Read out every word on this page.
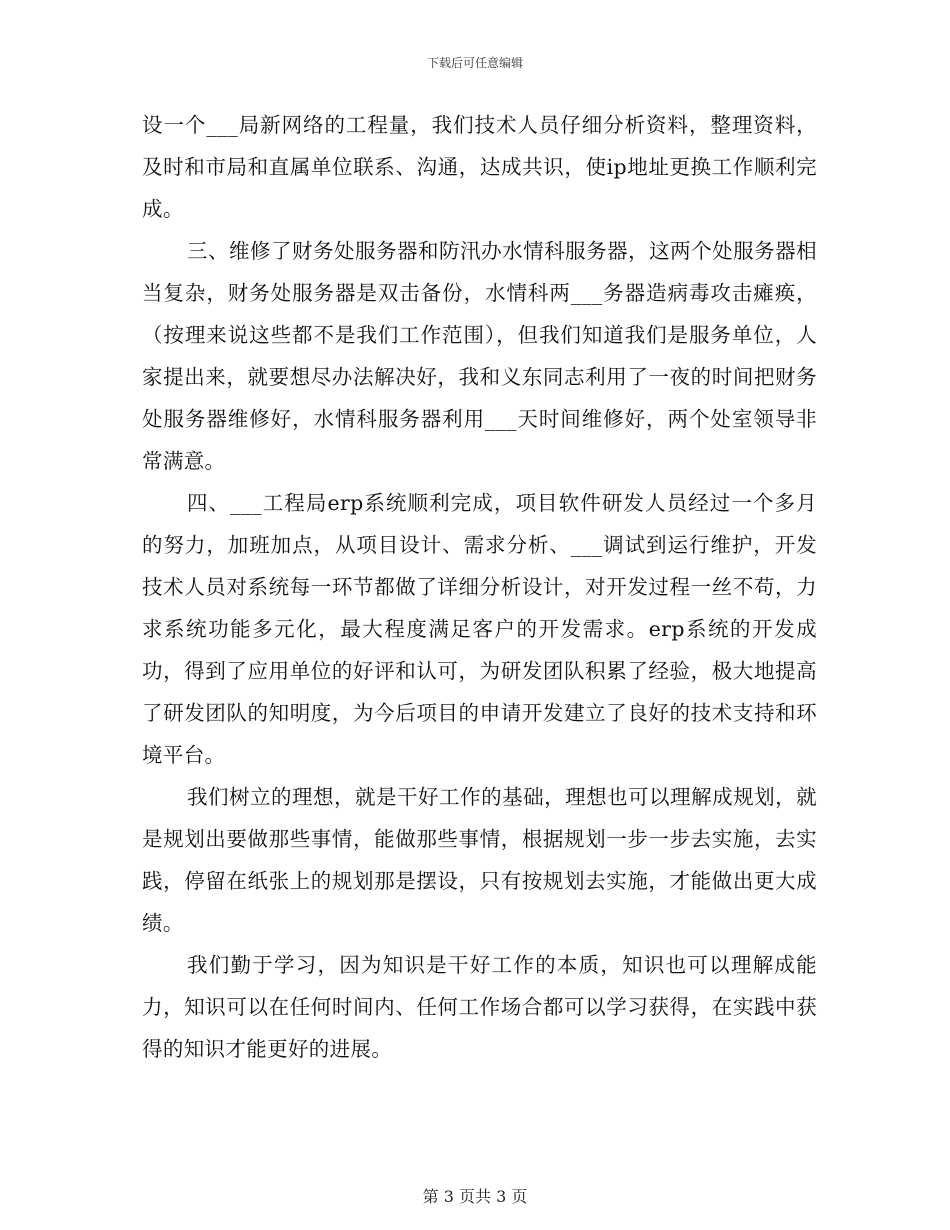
下载后可任意编辑

设一个___局新网络的工程量，我们技术人员仔细分析资料，整理资料，及时和市局和直属单位联系、沟通，达成共识，使ip地址更换工作顺利完成。

三、维修了财务处服务器和防汛办水情科服务器，这两个处服务器相当复杂，财务处服务器是双击备份，水情科两___务器造病毒攻击瘫痪，（按理来说这些都不是我们工作范围），但我们知道我们是服务单位，人家提出来，就要想尽办法解决好，我和义东同志利用了一夜的时间把财务处服务器维修好，水情科服务器利用___天时间维修好，两个处室领导非常满意。

四、___工程局erp系统顺利完成，项目软件研发人员经过一个多月的努力，加班加点，从项目设计、需求分析、___调试到运行维护，开发技术人员对系统每一环节都做了详细分析设计，对开发过程一丝不苟，力求系统功能多元化，最大程度满足客户的开发需求。erp系统的开发成功，得到了应用单位的好评和认可，为研发团队积累了经验，极大地提高了研发团队的知明度，为今后项目的申请开发建立了良好的技术支持和环境平台。

我们树立的理想，就是干好工作的基础，理想也可以理解成规划，就是规划出要做那些事情，能做那些事情，根据规划一步一步去实施，去实践，停留在纸张上的规划那是摆设，只有按规划去实施，才能做出更大成绩。

我们勤于学习，因为知识是干好工作的本质，知识也可以理解成能力，知识可以在任何时间内、任何工作场合都可以学习获得，在实践中获得的知识才能更好的进展。

第 3 页共 3 页
